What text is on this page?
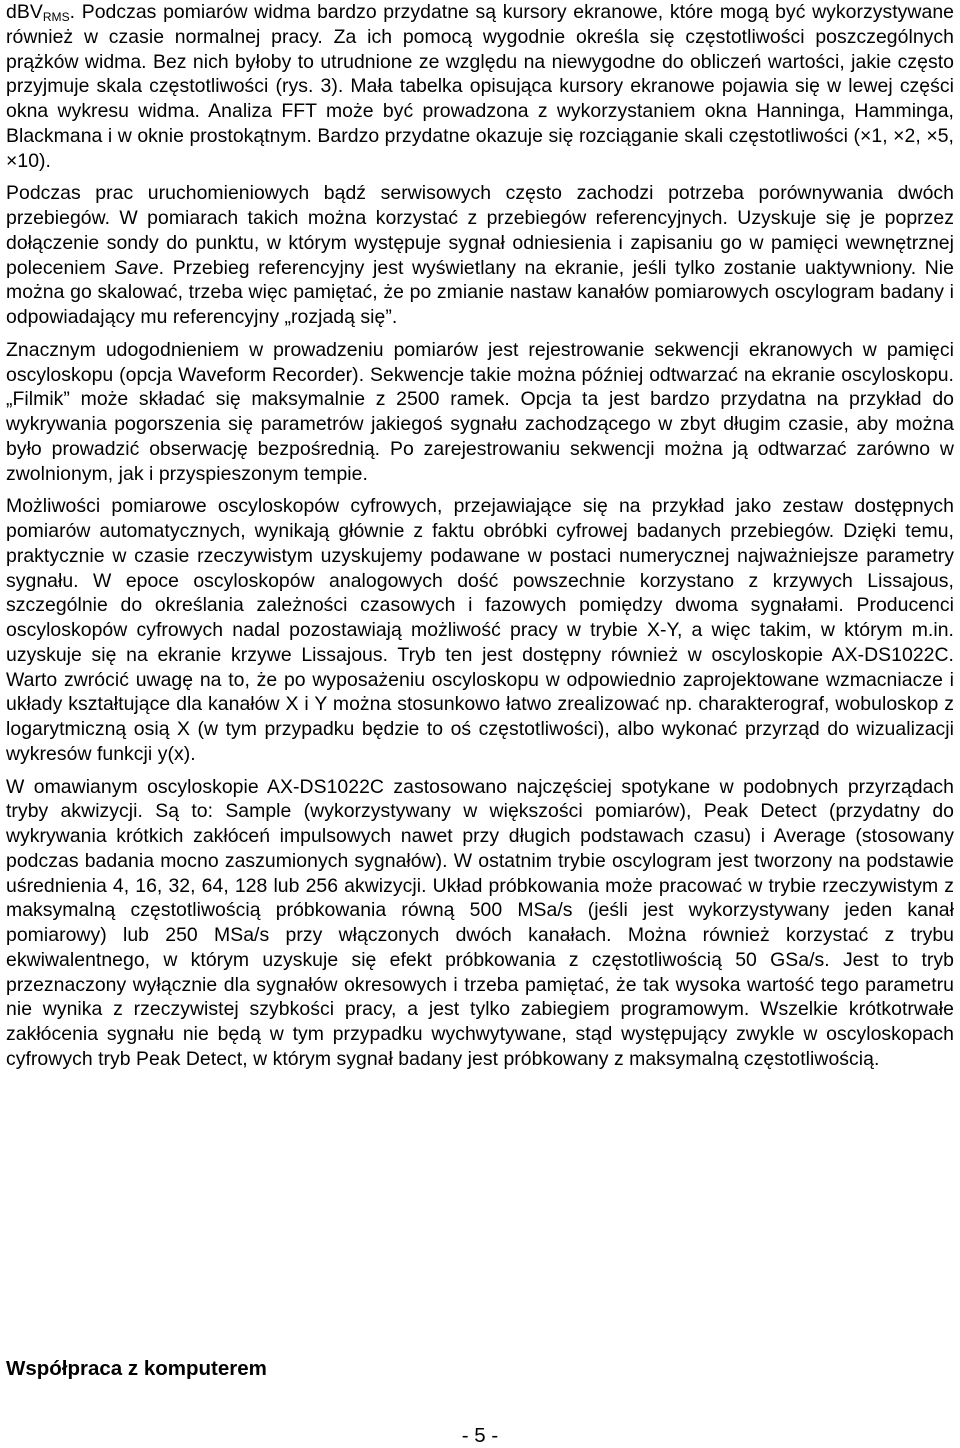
dBV$_{RMS}$. Podczas pomiarów widma bardzo przydatne są kursory ekranowe, które mogą być wykorzystywane również w czasie normalnej pracy. Za ich pomocą wygodnie określa się częstotliwości poszczególnych prążków widma. Bez nich byłoby to utrudnione ze względu na niewygodne do obliczeń wartości, jakie często przyjmuje skala częstotliwości (rys. 3). Mała tabelka opisująca kursory ekranowe pojawia się w lewej części okna wykresu widma. Analiza FFT może być prowadzona z wykorzystaniem okna Hanninga, Hamminga, Blackmana i w oknie prostokątnym. Bardzo przydatne okazuje się rozciąganie skali częstotliwości (×1, ×2, ×5, ×10).

Podczas prac uruchomieniowych bądź serwisowych często zachodzi potrzeba porównywania dwóch przebiegów. W pomiarach takich można korzystać z przebiegów referencyjnych. Uzyskuje się je poprzez dołączenie sondy do punktu, w którym występuje sygnał odniesienia i zapisaniu go w pamięci wewnętrznej poleceniem Save. Przebieg referencyjny jest wyświetlany na ekranie, jeśli tylko zostanie uaktywniony. Nie można go skalować, trzeba więc pamiętać, że po zmianie nastaw kanałów pomiarowych oscylogram badany i odpowiadający mu referencyjny „rozjadą się”.

Znacznym udogodnieniem w prowadzeniu pomiarów jest rejestrowanie sekwencji ekranowych w pamięci oscyloskopu (opcja Waveform Recorder). Sekwencje takie można później odtwarzać na ekranie oscyloskopu. „Filmik” może składać się maksymalnie z 2500 ramek. Opcja ta jest bardzo przydatna na przykład do wykrywania pogorszenia się parametrów jakiegoś sygnału zachodzącego w zbyt długim czasie, aby można było prowadzić obserwację bezpośrednią. Po zarejestrowaniu sekwencji można ją odtwarzać zarówno w zwolnionym, jak i przyspieszonym tempie.

Możliwości pomiarowe oscyloskopów cyfrowych, przejawiające się na przykład jako zestaw dostępnych pomiarów automatycznych, wynikają głównie z faktu obróbki cyfrowej badanych przebiegów. Dzięki temu, praktycznie w czasie rzeczywistym uzyskujemy podawane w postaci numerycznej najważniejsze parametry sygnału. W epoce oscyloskopów analogowych dość powszechnie korzystano z krzywych Lissajous, szczególnie do określania zależności czasowych i fazowych pomiędzy dwoma sygnałami. Producenci oscyloskopów cyfrowych nadal pozostawiają możliwość pracy w trybie X-Y, a więc takim, w którym m.in. uzyskuje się na ekranie krzywe Lissajous. Tryb ten jest dostępny również w oscyloskopie AX-DS1022C. Warto zwrócić uwagę na to, że po wyposażeniu oscyloskopu w odpowiednio zaprojektowane wzmacniacze i układy kształtujące dla kanałów X i Y można stosunkowo łatwo zrealizować np. charakterograf, wobuloskop z logarytmiczną osią X (w tym przypadku będzie to oś częstotliwości), albo wykonać przyrząd do wizualizacji wykresów funkcji y(x).

W omawianym oscyloskopie AX-DS1022C zastosowano najczęściej spotykane w podobnych przyrządach tryby akwizycji. Są to: Sample (wykorzystywany w większości pomiarów), Peak Detect (przydatny do wykrywania krótkich zakłóceń impulsowych nawet przy długich podstawach czasu) i Average (stosowany podczas badania mocno zaszumionych sygnałów). W ostatnim trybie oscylogram jest tworzony na podstawie uśrednienia 4, 16, 32, 64, 128 lub 256 akwizycji. Układ próbkowania może pracować w trybie rzeczywistym z maksymalną częstotliwością próbkowania równą 500 MSa/s (jeśli jest wykorzystywany jeden kanał pomiarowy) lub 250 MSa/s przy włączonych dwóch kanałach. Można również korzystać z trybu ekwiwalentnego, w którym uzyskuje się efekt próbkowania z częstotliwością 50 GSa/s. Jest to tryb przeznaczony wyłącznie dla sygnałów okresowych i trzeba pamiętać, że tak wysoka wartość tego parametru nie wynika z rzeczywistej szybkości pracy, a jest tylko zabiegiem programowym. Wszelkie krótkotrwałe zakłócenia sygnału nie będą w tym przypadku wychwytywane, stąd występujący zwykle w oscyloskopach cyfrowych tryb Peak Detect, w którym sygnał badany jest próbkowany z maksymalną częstotliwością.

Współpraca z komputerem
- 5 -
